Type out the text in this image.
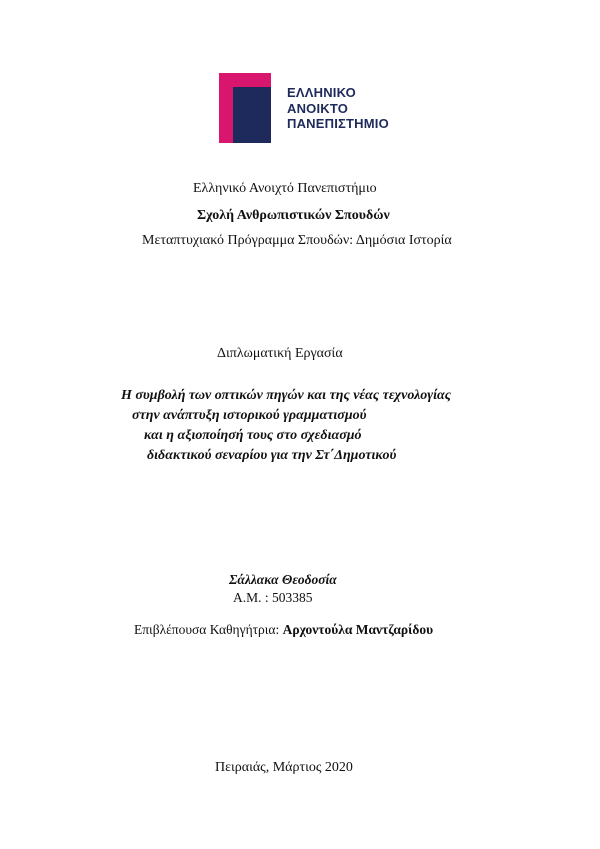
ΕΛΛΗΝΙΚΟ
ΑΝΟΙΚΤΟ
ΠΑΝΕΠΙΣΤΗΜΙΟ
Ελληνικό Ανοιχτό Πανεπιστήμιο
Σχολή Ανθρωπιστικών Σπουδών
Μεταπτυχιακό Πρόγραμμα Σπουδών: Δημόσια Ιστορία
Διπλωματική Εργασία
Η συμβολή των οπτικών πηγών και της νέας τεχνολογίας
στην ανάπτυξη ιστορικού γραμματισμού
και η αξιοποίησή τους στο σχεδιασμό
διδακτικού σεναρίου για την Στ΄Δημοτικού
Σάλλακα Θεοδοσία
Α.Μ. : 503385
Επιβλέπουσα Καθηγήτρια: Αρχοντούλα Μαντζαρίδου
Πειραιάς, Μάρτιος 2020
